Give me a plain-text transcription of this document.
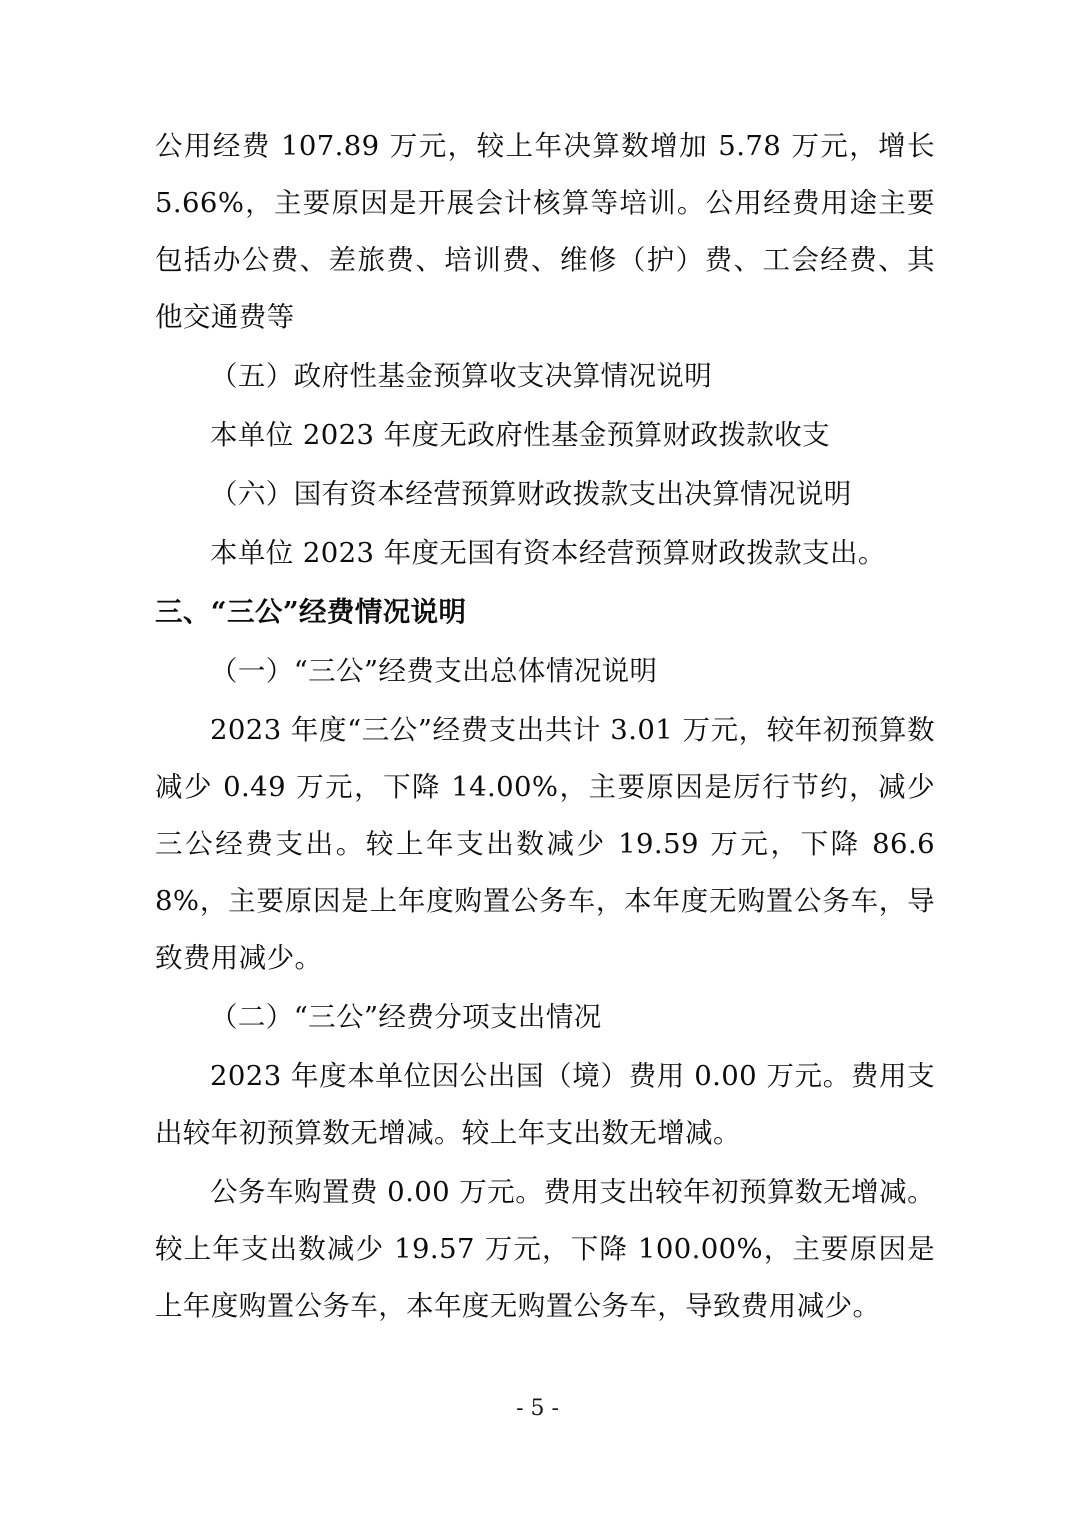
公用经费 107.89 万元，较上年决算数增加 5.78 万元，增长 5.66%，主要原因是开展会计核算等培训。公用经费用途主要包括办公费、差旅费、培训费、维修（护）费、工会经费、其他交通费等

（五）政府性基金预算收支决算情况说明

本单位 2023 年度无政府性基金预算财政拨款收支

（六）国有资本经营预算财政拨款支出决算情况说明

本单位 2023 年度无国有资本经营预算财政拨款支出。

三、“三公”经费情况说明

（一）“三公”经费支出总体情况说明

2023 年度“三公”经费支出共计 3.01 万元，较年初预算数减少 0.49 万元，下降 14.00%，主要原因是厉行节约，减少三公经费支出。较上年支出数减少 19.59 万元，下降 86.68%，主要原因是上年度购置公务车，本年度无购置公务车，导致费用减少。

（二）“三公”经费分项支出情况

2023 年度本单位因公出国（境）费用 0.00 万元。费用支出较年初预算数无增减。较上年支出数无增减。

公务车购置费 0.00 万元。费用支出较年初预算数无增减。较上年支出数减少 19.57 万元，下降 100.00%，主要原因是上年度购置公务车，本年度无购置公务车，导致费用减少。

- 5 -
